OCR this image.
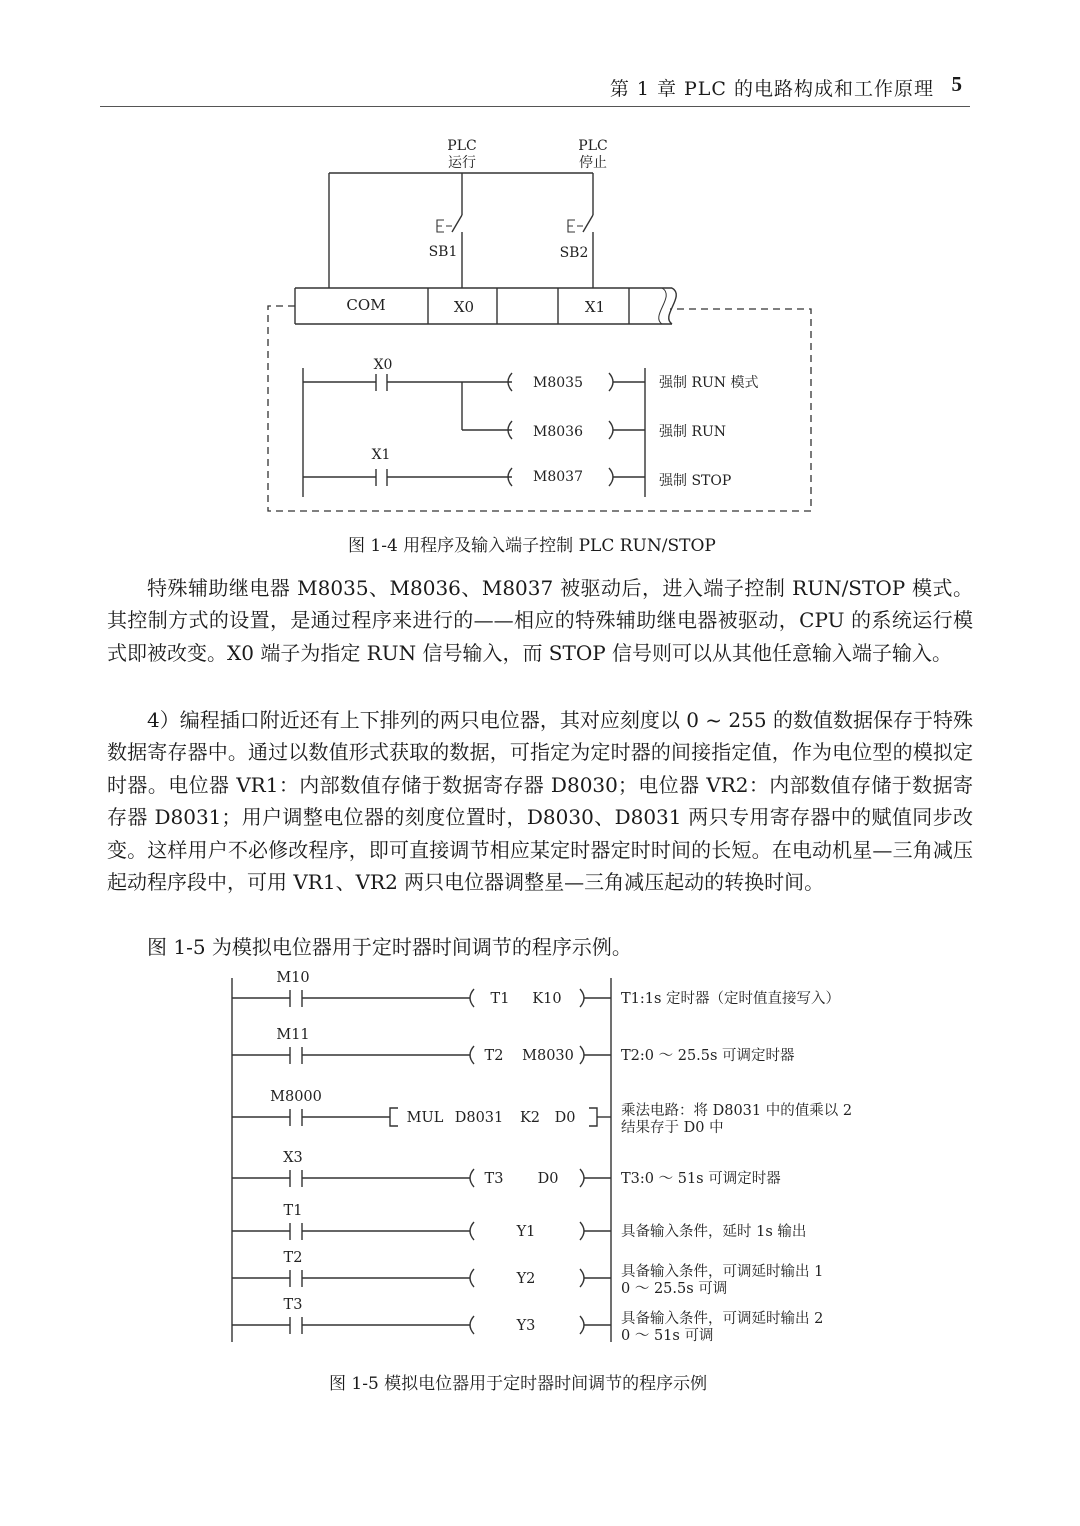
第 1 章 PLC 的电路构成和工作原理 5
PLC
运行
PLC
停止
SB1	SB2
COM	X0	X1
X0
X1
M8035
M8036
M8037
强制 RUN 模式
强制 RUN
强制 STOP
图 1-4 用程序及输入端子控制 PLC RUN/STOP

特殊辅助继电器 M8035、M8036、M8037 被驱动后，进入端子控制 RUN/STOP 模式。其控制方式的设置，是通过程序来进行的——相应的特殊辅助继电器被驱动，CPU 的系统运行模式即被改变。X0 端子为指定 RUN 信号输入，而 STOP 信号则可以从其他任意输入端子输入。

4）编程插口附近还有上下排列的两只电位器，其对应刻度以 0 ~ 255 的数值数据保存于特殊数据寄存器中。通过以数值形式获取的数据，可指定为定时器的间接指定值，作为电位型的模拟定时器。电位器 VR1：内部数值存储于数据寄存器 D8030；电位器 VR2：内部数值存储于数据寄存器 D8031；用户调整电位器的刻度位置时，D8030、D8031 两只专用寄存器中的赋值同步改变。这样用户不必修改程序，即可直接调节相应某定时器定时时间的长短。在电动机星—三角减压起动程序段中，可用 VR1、VR2 两只电位器调整星—三角减压起动的转换时间。

图 1-5 为模拟电位器用于定时器时间调节的程序示例。

M10
T1 K10	T1:1s 定时器（定时值直接写入）
M11
T2 M8030	T2:0 ～ 25.5s 可调定时器
M8000
MUL D8031 K2 D0	乘法电路：将 D8031 中的值乘以 2
结果存于 D0 中
X3
T3 D0	T3:0 ～ 51s 可调定时器
T1
Y1	具备输入条件，延时 1s 输出
T2
Y2	具备输入条件，可调延时输出 1
0 ～ 25.5s 可调
T3
Y3	具备输入条件，可调延时输出 2
0 ～ 51s 可调
图 1-5 模拟电位器用于定时器时间调节的程序示例
